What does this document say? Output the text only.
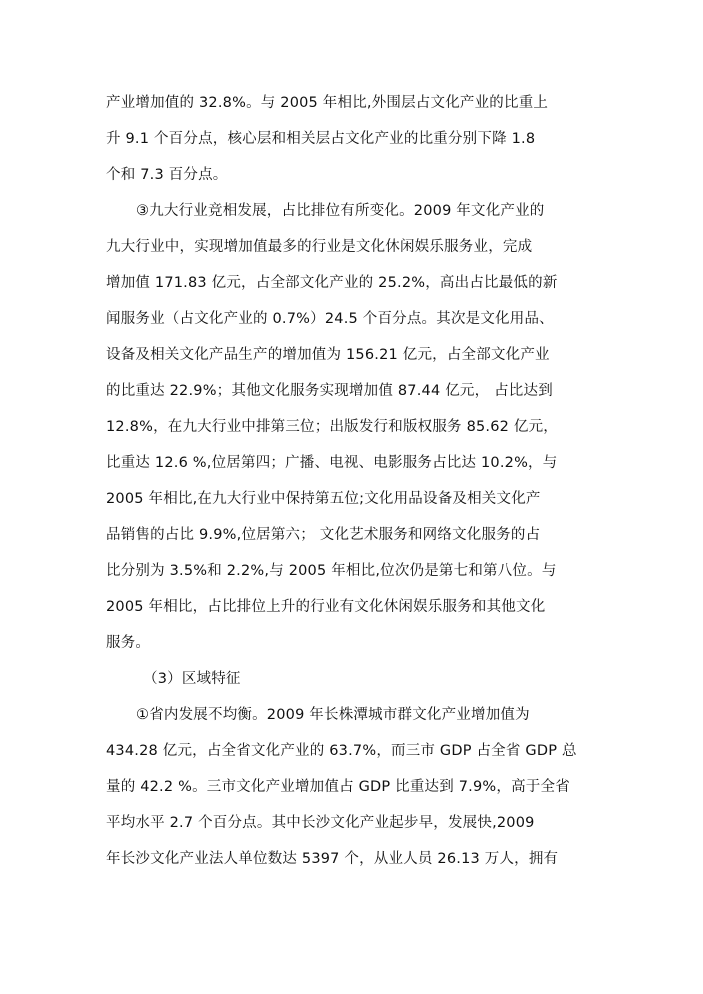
产业增加值的 32.8%。与 2005 年相比,外围层占文化产业的比重上
升 9.1 个百分点，核心层和相关层占文化产业的比重分别下降 1.8
个和 7.3 百分点。
③九大行业竞相发展，占比排位有所变化。2009 年文化产业的
九大行业中，实现增加值最多的行业是文化休闲娱乐服务业，完成
增加值 171.83 亿元，占全部文化产业的 25.2%，高出占比最低的新
闻服务业（占文化产业的 0.7%）24.5 个百分点。其次是文化用品、
设备及相关文化产品生产的增加值为 156.21 亿元，占全部文化产业
的比重达 22.9%；其他文化服务实现增加值 87.44 亿元， 占比达到
12.8%，在九大行业中排第三位；出版发行和版权服务 85.62 亿元，
比重达 12.6 %,位居第四；广播、电视、电影服务占比达 10.2%，与
2005 年相比,在九大行业中保持第五位;文化用品设备及相关文化产
品销售的占比 9.9%,位居第六； 文化艺术服务和网络文化服务的占
比分别为 3.5%和 2.2%,与 2005 年相比,位次仍是第七和第八位。与
2005 年相比，占比排位上升的行业有文化休闲娱乐服务和其他文化
服务。
（3）区域特征
①省内发展不均衡。2009 年长株潭城市群文化产业增加值为
434.28 亿元，占全省文化产业的 63.7%，而三市 GDP 占全省 GDP 总
量的 42.2 %。三市文化产业增加值占 GDP 比重达到 7.9%，高于全省
平均水平 2.7 个百分点。其中长沙文化产业起步早，发展快,2009
年长沙文化产业法人单位数达 5397 个，从业人员 26.13 万人，拥有
